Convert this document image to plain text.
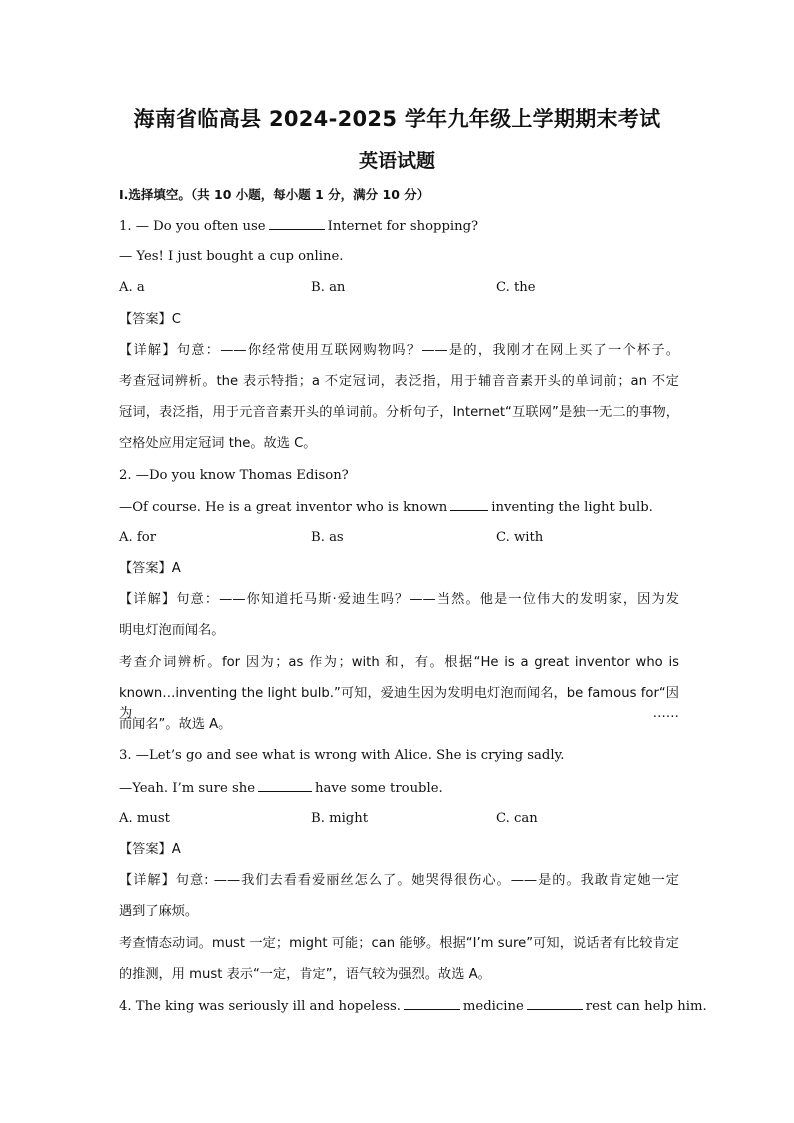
海南省临高县 2024-2025 学年九年级上学期期末考试
英语试题
Ⅰ.选择填空。（共 10 小题，每小题 1 分，满分 10 分）
1. — Do you often use	Internet for shopping?
— Yes! I just bought a cup online.
A. a	B. an	C. the
【答案】C
【详解】句意：——你经常使用互联网购物吗？——是的，我刚才在网上买了一个杯子。
考查冠词辨析。the 表示特指；a 不定冠词，表泛指，用于辅音音素开头的单词前；an 不定
冠词，表泛指，用于元音音素开头的单词前。分析句子，Internet“互联网”是独一无二的事物，
空格处应用定冠词 the。故选 C。
2. —Do you know Thomas Edison?
—Of course. He is a great inventor who is known	inventing the light bulb.
A. for	B. as	C. with
【答案】A
【详解】句意：——你知道托马斯·爱迪生吗？——当然。他是一位伟大的发明家，因为发
明电灯泡而闻名。
考查介词辨析。for 因为；as 作为；with 和，有。根据“He is a great inventor who is
known…inventing the light bulb.”可知，爱迪生因为发明电灯泡而闻名，be famous for“因为……
而闻名”。故选 A。
3. —Let’s go and see what is wrong with Alice. She is crying sadly.
—Yeah. I’m sure she	have some trouble.
A. must	B. might	C. can
【答案】A
【详解】句意: ——我们去看看爱丽丝怎么了。她哭得很伤心。——是的。我敢肯定她一定
遇到了麻烦。
考查情态动词。must 一定；might 可能；can 能够。根据“I’m sure”可知，说话者有比较肯定
的推测，用 must 表示“一定，肯定”，语气较为强烈。故选 A。
4. The king was seriously ill and hopeless.	medicine	rest can help him.
